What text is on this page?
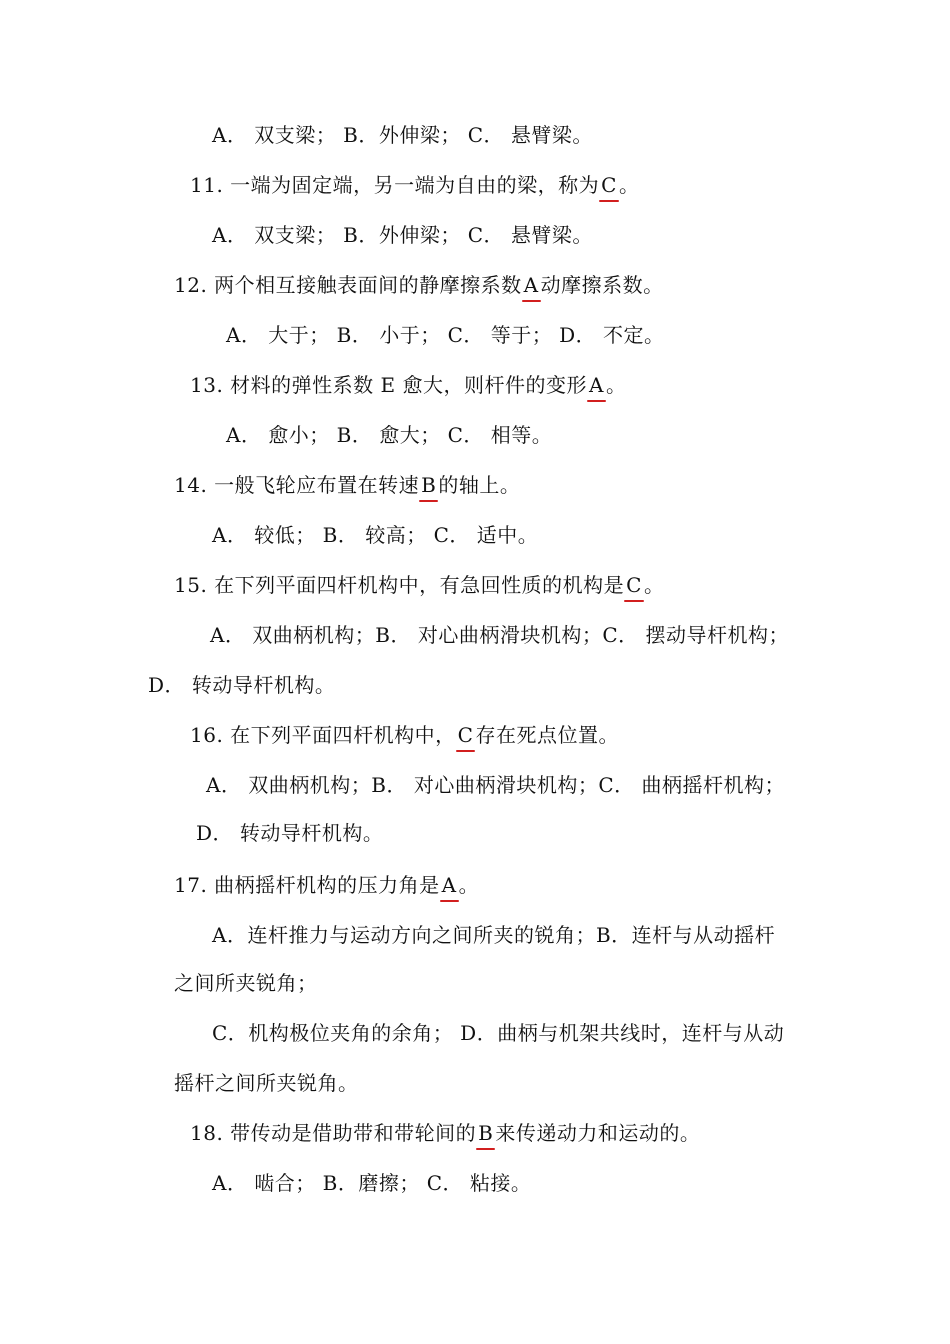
A． 双支梁； B．外伸梁； C． 悬臂梁。
11. 一端为固定端，另一端为自由的梁，称为 C 。
A． 双支梁； B．外伸梁； C． 悬臂梁。
12. 两个相互接触表面间的静摩擦系数 A 动摩擦系数。
A． 大于； B． 小于； C． 等于； D． 不定。
13. 材料的弹性系数 E 愈大，则杆件的变形 A 。
A． 愈小； B． 愈大； C． 相等。
14. 一般飞轮应布置在转速 B 的轴上。
A． 较低； B． 较高； C． 适中。
15. 在下列平面四杆机构中，有急回性质的机构是 C 。
A． 双曲柄机构；B． 对心曲柄滑块机构；C． 摆动导杆机构；
D． 转动导杆机构。
16. 在下列平面四杆机构中， C 存在死点位置。
A． 双曲柄机构；B． 对心曲柄滑块机构；C． 曲柄摇杆机构；
D． 转动导杆机构。
17. 曲柄摇杆机构的压力角是 A 。
A．连杆推力与运动方向之间所夹的锐角；B．连杆与从动摇杆
之间所夹锐角；
C．机构极位夹角的余角； D．曲柄与机架共线时，连杆与从动
摇杆之间所夹锐角。
18. 带传动是借助带和带轮间的 B 来传递动力和运动的。
A． 啮合； B．磨擦； C． 粘接。
